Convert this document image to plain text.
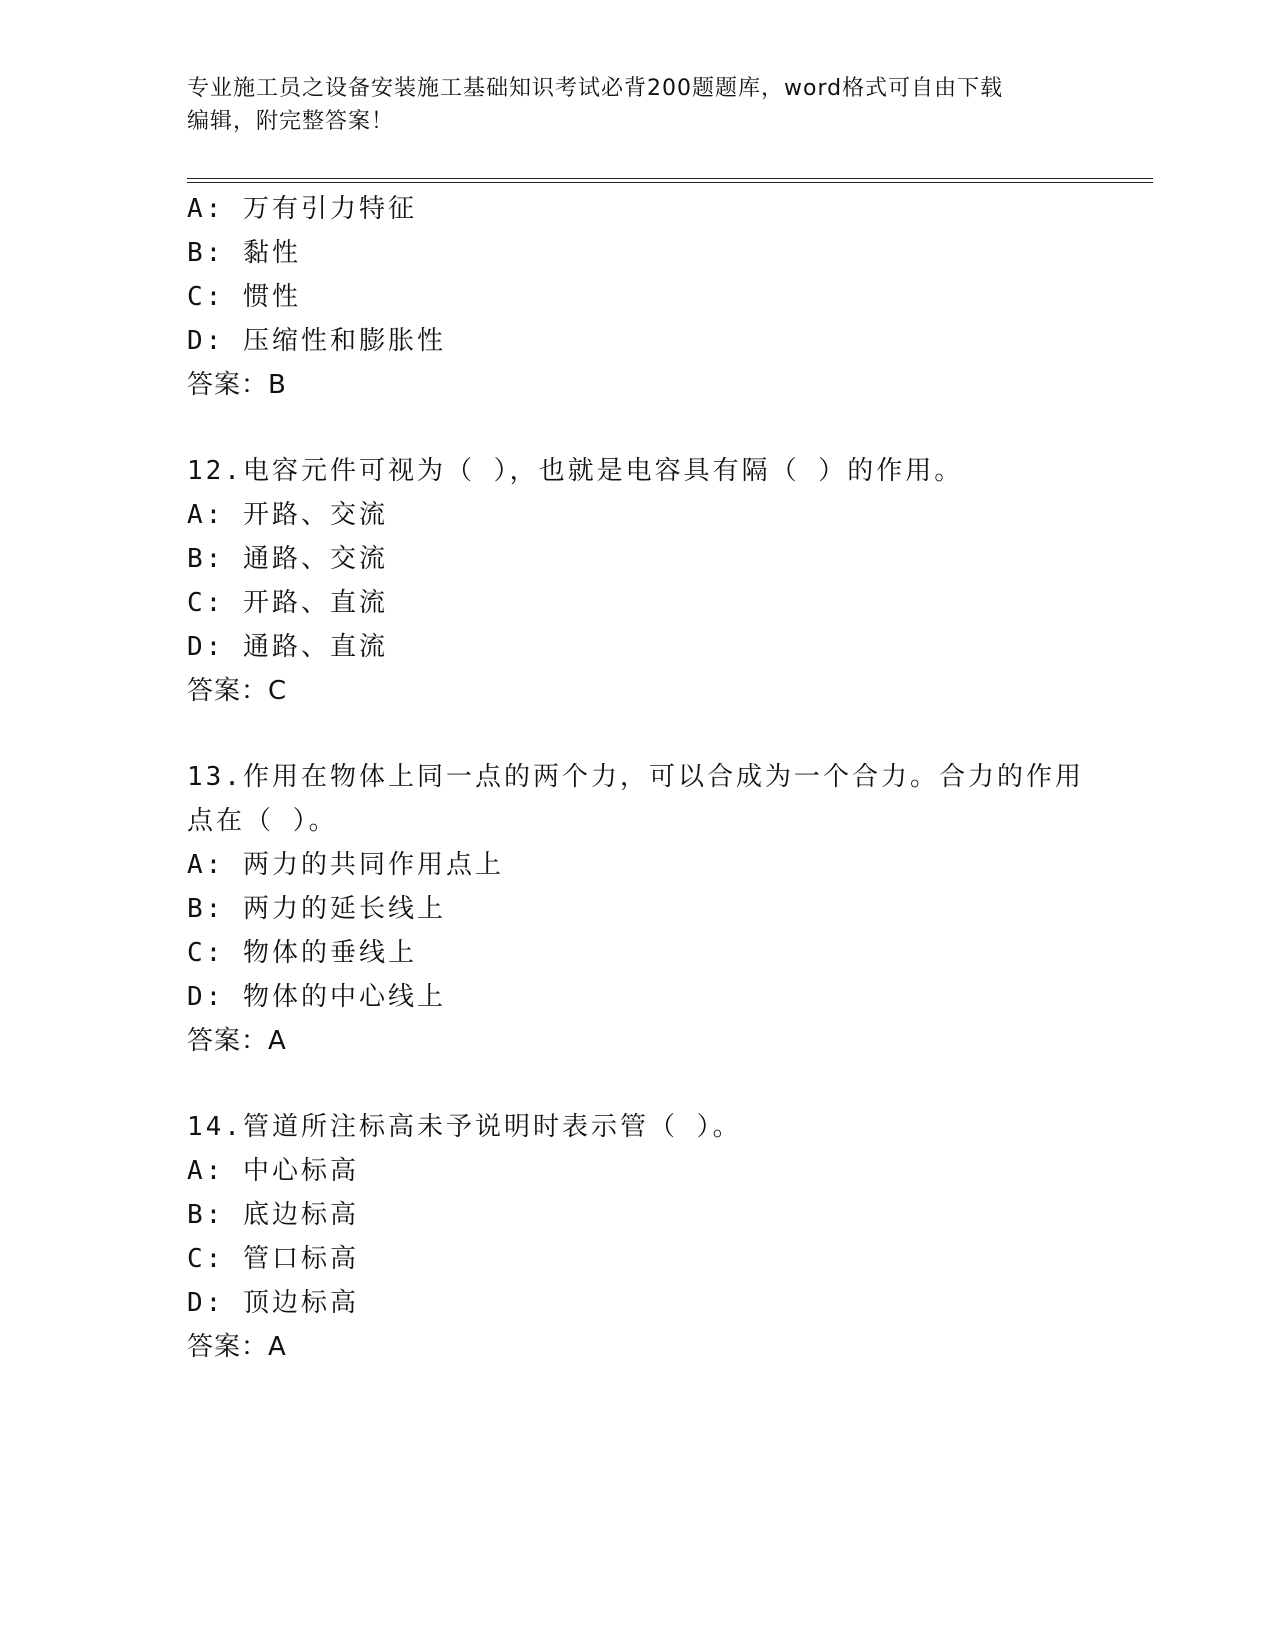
专业施工员之设备安装施工基础知识考试必背200题题库，word格式可自由下载
编辑，附完整答案！
A: 万有引力特征
B: 黏性
C: 惯性
D: 压缩性和膨胀性
答案：B
12.电容元件可视为（ ），也就是电容具有隔（ ）的作用。
A: 开路、交流
B: 通路、交流
C: 开路、直流
D: 通路、直流
答案：C
13.作用在物体上同一点的两个力，可以合成为一个合力。合力的作用
点在（ ）。
A: 两力的共同作用点上
B: 两力的延长线上
C: 物体的垂线上
D: 物体的中心线上
答案：A
14.管道所注标高未予说明时表示管（ ）。
A: 中心标高
B: 底边标高
C: 管口标高
D: 顶边标高
答案：A
